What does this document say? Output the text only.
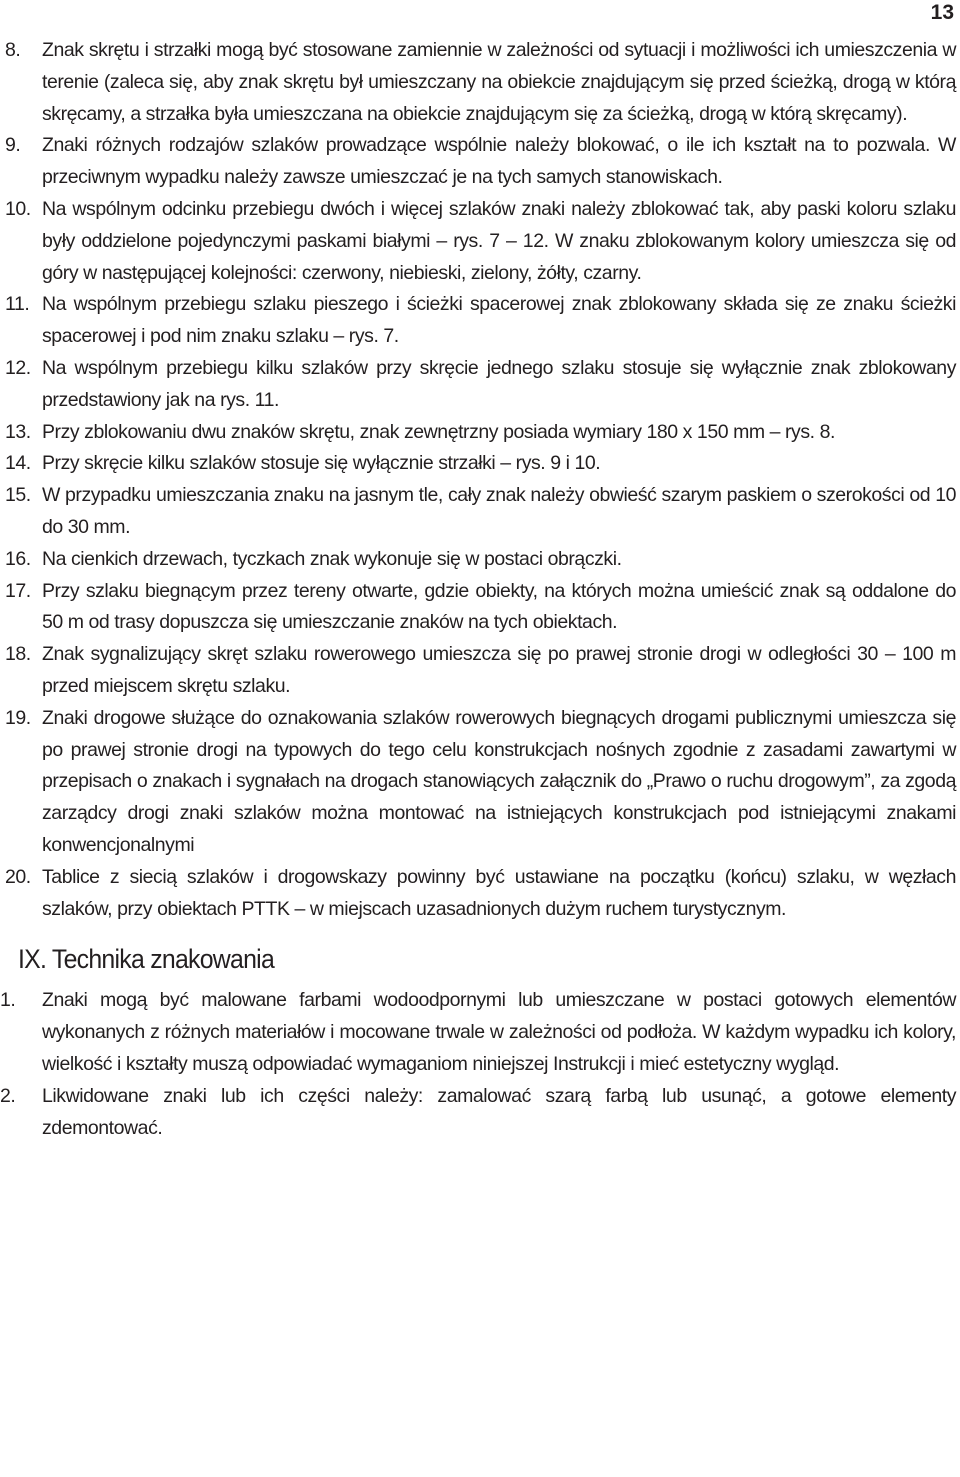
13
8.	Znak skrętu i strzałki mogą być stosowane zamiennie w zależności od sytuacji i możliwości ich umieszczenia w terenie (zaleca się, aby znak skrętu był umieszczany na obiekcie znajdującym się przed ścieżką, drogą w którą skręcamy, a strzałka była umieszczana na obiekcie znajdującym się za ścieżką, drogą w którą skręcamy).
9.	Znaki różnych rodzajów szlaków prowadzące wspólnie należy blokować, o ile ich kształt na to pozwala. W przeciwnym wypadku należy zawsze umieszczać je na tych samych stanowiskach.
10. Na wspólnym odcinku przebiegu dwóch i więcej szlaków znaki należy zblokować tak, aby paski koloru szlaku były oddzielone pojedynczymi paskami białymi – rys. 7 – 12. W znaku zblokowanym kolory umieszcza się od góry w następującej kolejności: czerwony, niebieski, zielony, żółty, czarny.
11. Na wspólnym przebiegu szlaku pieszego i ścieżki spacerowej znak zblokowany składa się ze znaku ścieżki spacerowej i pod nim znaku szlaku – rys. 7.
12. Na wspólnym przebiegu kilku szlaków przy skręcie jednego szlaku stosuje się wyłącznie znak zblokowany przedstawiony jak na rys. 11.
13. Przy zblokowaniu dwu znaków skrętu, znak zewnętrzny posiada wymiary 180 x 150 mm – rys. 8.
14. Przy skręcie kilku szlaków stosuje się wyłącznie strzałki – rys. 9 i 10.
15. W przypadku umieszczania znaku na jasnym tle, cały znak należy obwieść szarym paskiem o szerokości od 10 do 30 mm.
16. Na cienkich drzewach, tyczkach znak wykonuje się w postaci obrączki.
17. Przy szlaku biegnącym przez tereny otwarte, gdzie obiekty, na których można umieścić znak są oddalone do 50 m od trasy dopuszcza się umieszczanie znaków na tych obiektach.
18. Znak sygnalizujący skręt szlaku rowerowego umieszcza się po prawej stronie drogi w odległości 30 – 100 m przed miejscem skrętu szlaku.
19. Znaki drogowe służące do oznakowania szlaków rowerowych biegnących drogami publicznymi umieszcza się po prawej stronie drogi na typowych do tego celu konstrukcjach nośnych zgodnie z zasadami zawartymi w przepisach o znakach i sygnałach na drogach stanowiących załącznik do „Prawo o ruchu drogowym”, za zgodą zarządcy drogi znaki szlaków można montować na istniejących konstrukcjach pod istniejącymi znakami konwencjonalnymi
20. Tablice z siecią szlaków i drogowskazy powinny być ustawiane na początku (końcu) szlaku, w węzłach szlaków, przy obiektach PTTK – w miejscach uzasadnionych dużym ruchem turystycznym.
IX. Technika znakowania
1.	Znaki mogą być malowane farbami wodoodpornymi lub umieszczane w postaci gotowych elementów wykonanych z różnych materiałów i mocowane trwale w zależności od podłoża. W każdym wypadku ich kolory, wielkość i kształty muszą odpowiadać wymaganiom niniejszej Instrukcji i mieć estetyczny wygląd.
2.	Likwidowane znaki lub ich części należy: zamalować szarą farbą lub usunąć, a gotowe elementy zdemontować.
